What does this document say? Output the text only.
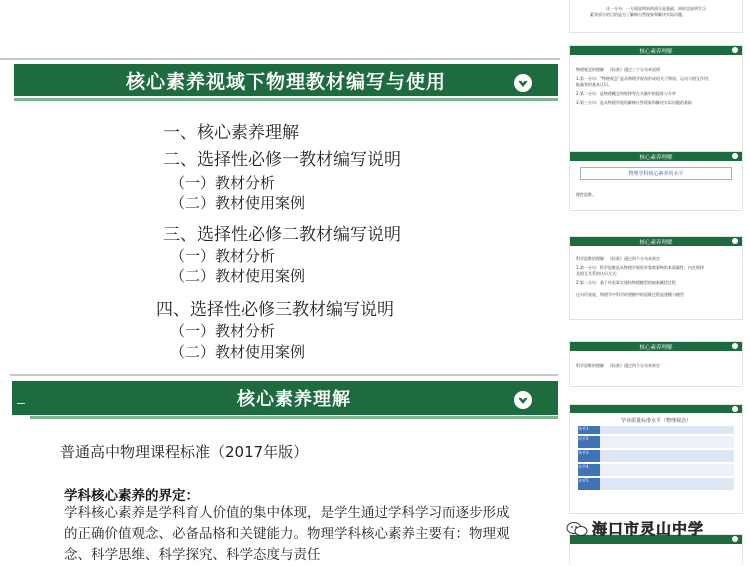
核心素养视域下物理教材编写与使用
一、核心素养理解
二、选择性必修一教材编写说明
（一）教材分析
（二）教材使用案例
三、选择性必修二教材编写说明
（一）教材分析
（二）教材使用案例
四、选择性必修三教材编写说明
（一）教材分析
（二）教材使用案例
核心素养理解
普通高中物理课程标准（2017年版）
学科核心素养的界定：
学科核心素养是学科育人价值的集中体现，是学生通过学科学习而逐步形成
的正确价值观念、必备品格和关键能力。物理学科核心素养主要有：物理观
念、科学思维、科学探究、科学态度与责任
这一分句，一方面说明前两部分是基础，同时也说明学习
素养部分的目的是为了解释自然现象和解决实际问题。
核心素养理解
物理观念的理解：《标准》通过三个分句来说明
1.第一分句：“物理观念”是从物理学视角形成的关于物质、运动与相互作用、
能量等的基本认识。
2.第二分句：是物理概念和规律等在头脑中的提炼与升华
3.第三分句：是从物理学视角解释自然现象和解决实际问题的基础
核心素养理解
物理学科核心素养的水平
理性思维。
核心素养理解
科学思维的理解：《标准》通过四个分句来界定
1.第一分句：科学思维是从物理学视角对客观事物的本质属性、内在规律
及相互关系的认识方式；
2.第二分句：基于经验事实建构物理模型的抽象概括过程
这句话表说，物理学中科学的建模中的思维过程是建模与模型
核心素养理解
科学思维的理解：《标准》通过四个分句来界定
学业质量标准水平（物理观念）
水平1
水平2
水平3
水平4
水平5
海口市灵山中学
